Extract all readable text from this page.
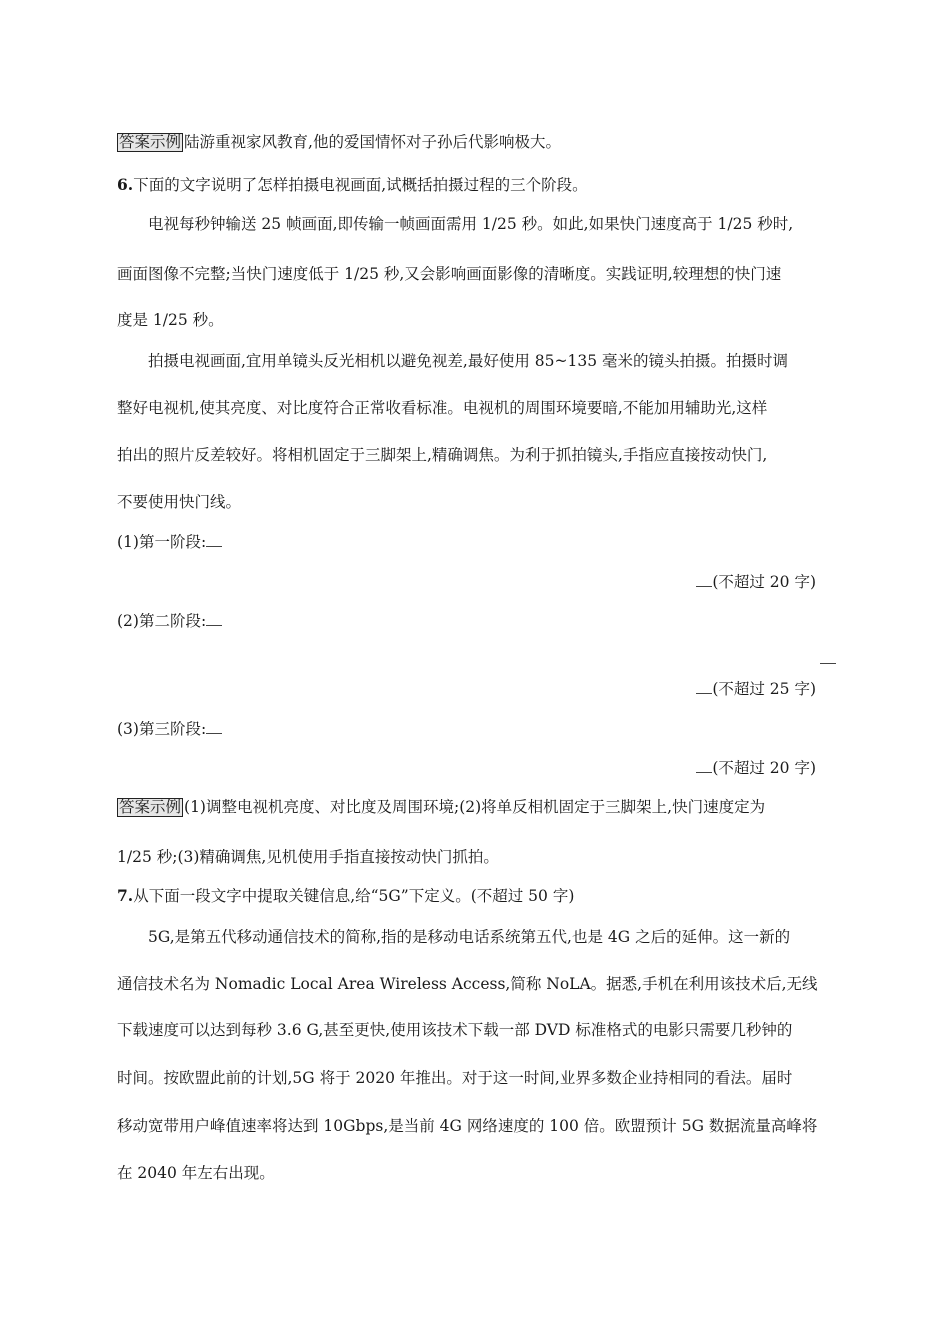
答案示例 陆游重视家风教育,他的爱国情怀对子孙后代影响极大。
6.下面的文字说明了怎样拍摄电视画面,试概括拍摄过程的三个阶段。
电视每秒钟输送 25 帧画面,即传输一帧画面需用 1/25 秒。如此,如果快门速度高于 1/25 秒时,
画面图像不完整;当快门速度低于 1/25 秒,又会影响画面影像的清晰度。实践证明,较理想的快门速
度是 1/25 秒。
拍摄电视画面,宜用单镜头反光相机以避免视差,最好使用 85~135 毫米的镜头拍摄。拍摄时调
整好电视机,使其亮度、对比度符合正常收看标准。电视机的周围环境要暗,不能加用辅助光,这样
拍出的照片反差较好。将相机固定于三脚架上,精确调焦。为利于抓拍镜头,手指应直接按动快门,
不要使用快门线。
(1)第一阶段:
(不超过 20 字)
(2)第二阶段:
(不超过 25 字)
(3)第三阶段:
(不超过 20 字)
答案示例 (1)调整电视机亮度、对比度及周围环境;(2)将单反相机固定于三脚架上,快门速度定为
1/25 秒;(3)精确调焦,见机使用手指直接按动快门抓拍。
7.从下面一段文字中提取关键信息,给“5G”下定义。(不超过 50 字)
5G,是第五代移动通信技术的简称,指的是移动电话系统第五代,也是 4G 之后的延伸。这一新的
通信技术名为 Nomadic Local Area Wireless Access,简称 NoLA。据悉,手机在利用该技术后,无线
下载速度可以达到每秒 3.6 G,甚至更快,使用该技术下载一部 DVD 标准格式的电影只需要几秒钟的
时间。按欧盟此前的计划,5G 将于 2020 年推出。对于这一时间,业界多数企业持相同的看法。届时
移动宽带用户峰值速率将达到 10Gbps,是当前 4G 网络速度的 100 倍。欧盟预计 5G 数据流量高峰将
在 2040 年左右出现。
